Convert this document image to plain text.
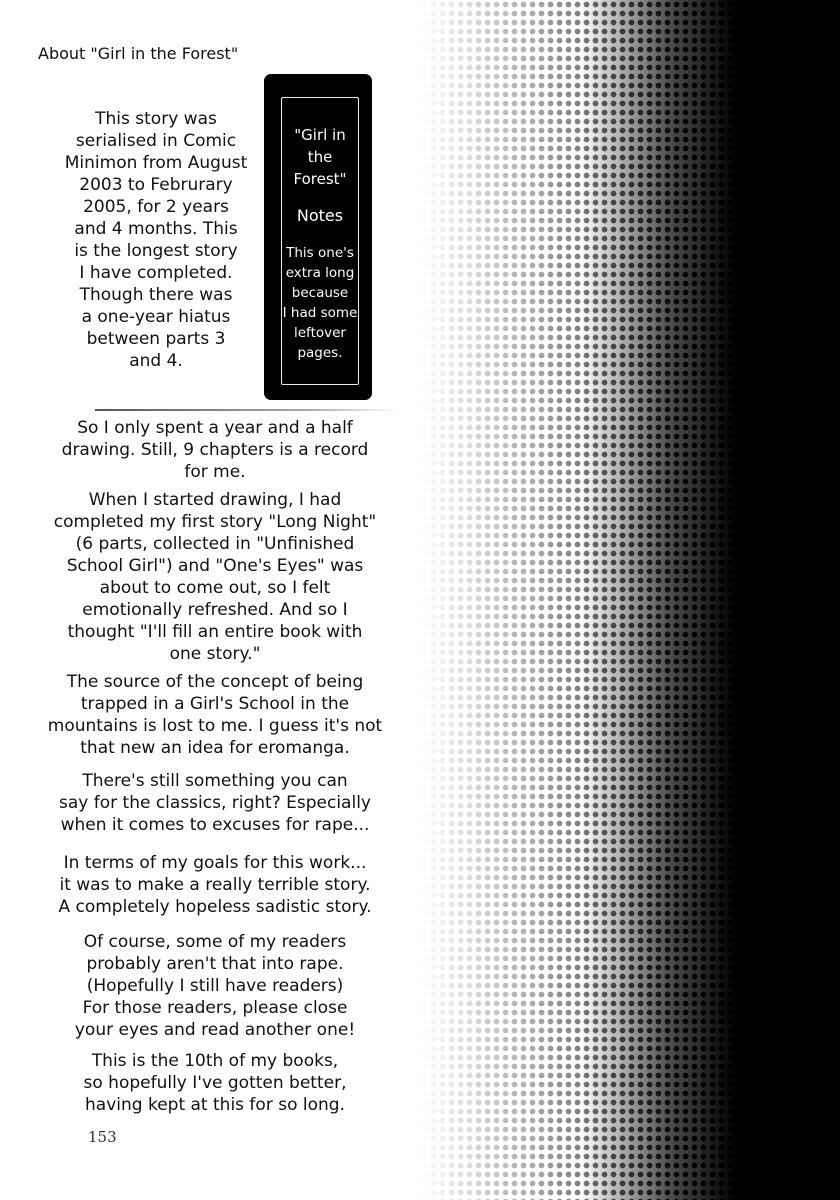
About "Girl in the Forest"
This story was
serialised in Comic
Minimon from August
2003 to Februrary
2005, for 2 years
and 4 months. This
is the longest story
I have completed.
Though there was
a one-year hiatus
between parts 3
and 4.
"Girl in
the
Forest"
Notes
This one's
extra long
because
I had some
leftover
pages.
So I only spent a year and a half
drawing. Still, 9 chapters is a record
for me.
When I started drawing, I had
completed my first story "Long Night"
(6 parts, collected in "Unfinished
School Girl") and "One's Eyes" was
about to come out, so I felt
emotionally refreshed. And so I
thought "I'll fill an entire book with
one story."
The source of the concept of being
trapped in a Girl's School in the
mountains is lost to me. I guess it's not
that new an idea for eromanga.
There's still something you can
say for the classics, right? Especially
when it comes to excuses for rape...
In terms of my goals for this work...
it was to make a really terrible story.
A completely hopeless sadistic story.
Of course, some of my readers
probably aren't that into rape.
(Hopefully I still have readers)
For those readers, please close
your eyes and read another one!
This is the 10th of my books,
so hopefully I've gotten better,
having kept at this for so long.
153
